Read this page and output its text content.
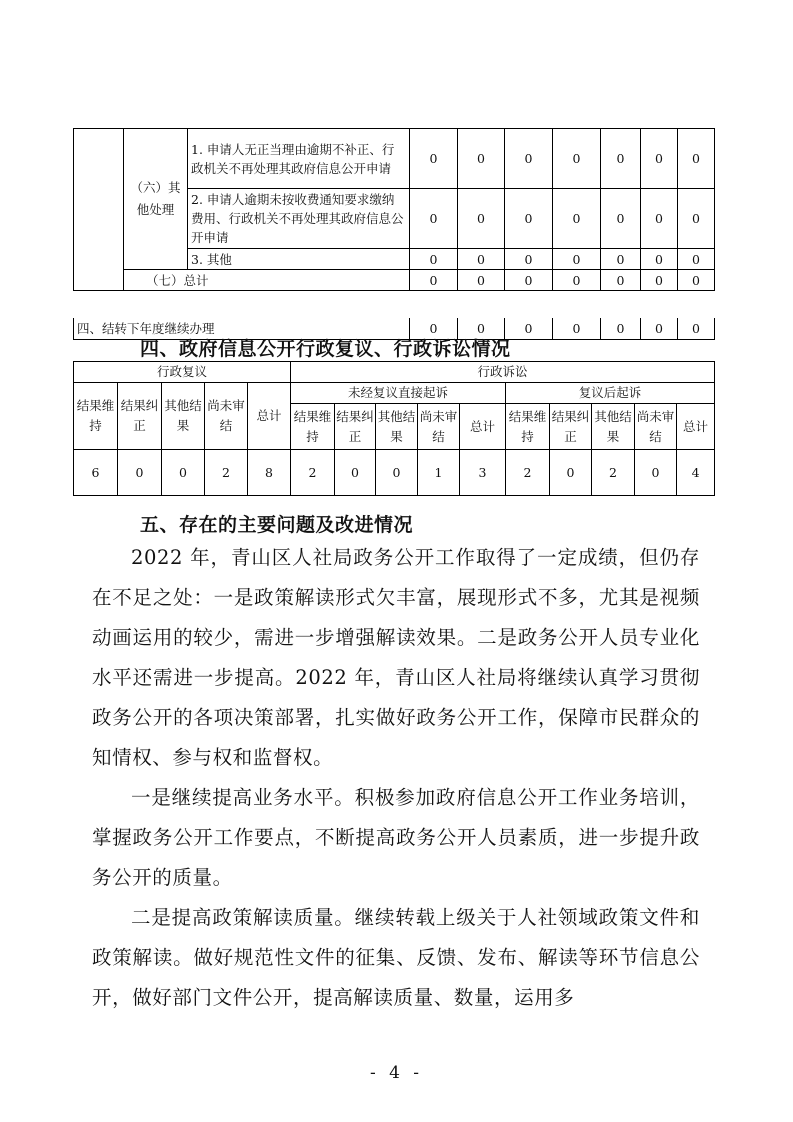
	（六）其他处理	1. 申请人无正当理由逾期不补正、行政机关不再处理其政府信息公开申请	0	0	0	0	0	0	0
		2. 申请人逾期未按收费通知要求缴纳费用、行政机关不再处理其政府信息公开申请	0	0	0	0	0	0	0
		3. 其他	0	0	0	0	0	0	0
	（七）总计		0	0	0	0	0	0	0
四、结转下年度继续办理	0	0	0	0	0	0	0
四、政府信息公开行政复议、行政诉讼情况
行政复议					行政诉讼									
结果维持	结果纠正	其他结果	尚未审结	总计	未经复议直接起诉					复议后起诉				
					结果维持	结果纠正	其他结果	尚未审结	总计	结果维持	结果纠正	其他结果	尚未审结	总计
6	0	0	2	8	2	0	0	1	3	2	0	2	0	4
五、存在的主要问题及改进情况

2022 年，青山区人社局政务公开工作取得了一定成绩，但仍存在不足之处：一是政策解读形式欠丰富，展现形式不多，尤其是视频动画运用的较少，需进一步增强解读效果。二是政务公开人员专业化水平还需进一步提高。2022 年，青山区人社局将继续认真学习贯彻政务公开的各项决策部署，扎实做好政务公开工作，保障市民群众的知情权、参与权和监督权。

一是继续提高业务水平。积极参加政府信息公开工作业务培训，掌握政务公开工作要点，不断提高政务公开人员素质，进一步提升政务公开的质量。

二是提高政策解读质量。继续转载上级关于人社领域政策文件和政策解读。做好规范性文件的征集、反馈、发布、解读等环节信息公开，做好部门文件公开，提高解读质量、数量，运用多

- 4 -
